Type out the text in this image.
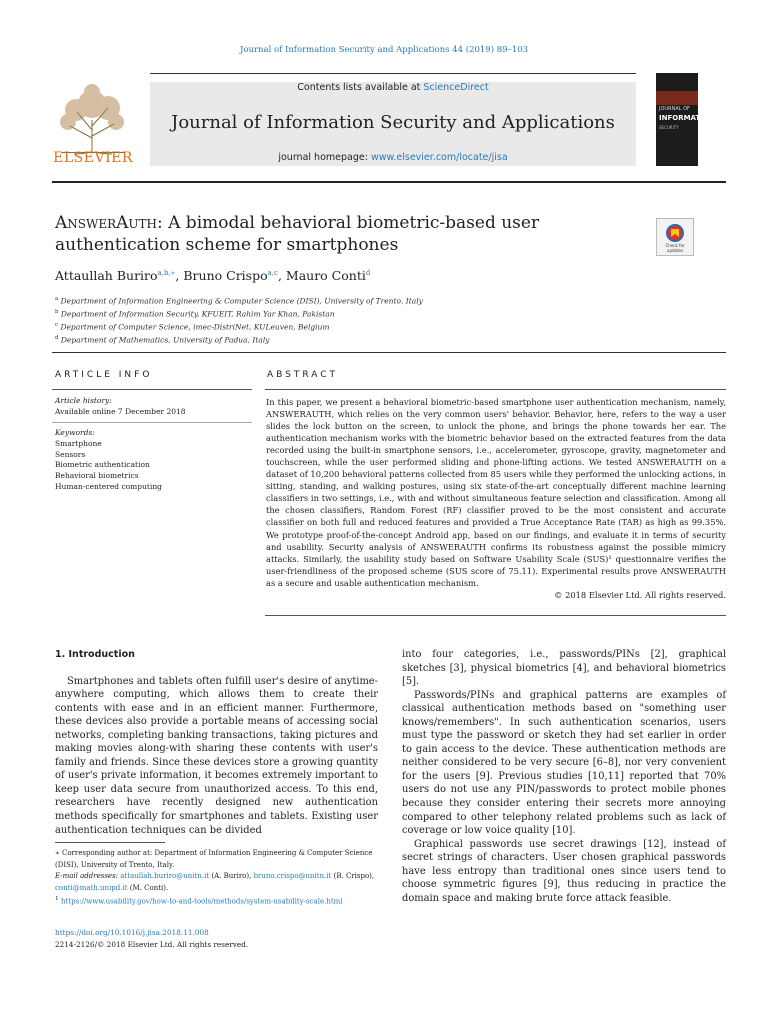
Journal of Information Security and Applications 44 (2019) 89–103
ELSEVIER
Contents lists available at ScienceDirect
Journal of Information Security and Applications
journal homepage: www.elsevier.com/locate/jisa
JOURNAL OF
INFORMATION
SECURITY
AnswerAuth: A bimodal behavioral biometric-based user
authentication scheme for smartphones	Check for updates
Attaullah Buriro$^{a,b,∗}$, Bruno Crispo$^{a,c}$, Mauro Conti$^d$
$^a$ Department of Information Engineering & Computer Science (DISI), University of Trento, Italy
$^b$ Department of Information Security, KFUEIT, Rahim Yar Khan, Pakistan
$^c$ Department of Computer Science, imec-DistriNet, KULeuven, Belgium
$^d$ Department of Mathematics, University of Padua, Italy
ARTICLE INFO	ABSTRACT
Article history:
Available online 7 December 2018
Keywords:
Smartphone
Sensors
Biometric authentication
Behavioral biometrics
Human-centered computing
In this paper, we present a behavioral biometric-based smartphone user authentication mechanism, namely, ANSWERAUTH, which relies on the very common users' behavior. Behavior, here, refers to the way a user slides the lock button on the screen, to unlock the phone, and brings the phone towards her ear. The authentication mechanism works with the biometric behavior based on the extracted features from the data recorded using the built-in smartphone sensors, i.e., accelerometer, gyroscope, gravity, magnetometer and touchscreen, while the user performed sliding and phone-lifting actions. We tested ANSWERAUTH on a dataset of 10,200 behavioral patterns collected from 85 users while they performed the unlocking actions, in sitting, standing, and walking postures, using six state-of-the-art conceptually different machine learning classifiers in two settings, i.e., with and without simultaneous feature selection and classification. Among all the chosen classifiers, Random Forest (RF) classifier proved to be the most consistent and accurate classifier on both full and reduced features and provided a True Acceptance Rate (TAR) as high as 99.35%. We prototype proof-of-the-concept Android app, based on our findings, and evaluate it in terms of security and usability. Security analysis of ANSWERAUTH confirms its robustness against the possible mimicry attacks. Similarly, the usability study based on Software Usability Scale (SUS)¹ questionnaire verifies the user-friendliness of the proposed scheme (SUS score of 75.11). Experimental results prove ANSWERAUTH as a secure and usable authentication mechanism.
© 2018 Elsevier Ltd. All rights reserved.
1. Introduction

Smartphones and tablets often fulfill user's desire of anytime-anywhere computing, which allows them to create their contents with ease and in an efficient manner. Furthermore, these devices also provide a portable means of accessing social networks, completing banking transactions, taking pictures and making movies along-with sharing these contents with user's family and friends. Since these devices store a growing quantity of user's private information, it becomes extremely important to keep user data secure from unauthorized access. To this end, researchers have recently designed new authentication methods specifically for smartphones and tablets. Existing user authentication techniques can be divided

∗ Corresponding author at: Department of Information Engineering & Computer Science (DISI), University of Trento, Italy.
E-mail addresses: attaullah.buriro@unitn.it (A. Buriro), bruno.crispo@unitn.it (B. Crispo), conti@math.unipd.it (M. Conti).
$^1$ https://www.usability.gov/how-to-and-tools/methods/system-usability-scale.html
https://doi.org/10.1016/j.jisa.2018.11.008
2214-2126/© 2018 Elsevier Ltd. All rights reserved.

into four categories, i.e., passwords/PINs [2], graphical sketches [3], physical biometrics [4], and behavioral biometrics [5].

Passwords/PINs and graphical patterns are examples of classical authentication methods based on "something user knows/remembers". In such authentication scenarios, users must type the password or sketch they had set earlier in order to gain access to the device. These authentication methods are neither considered to be very secure [6–8], nor very convenient for the users [9]. Previous studies [10,11] reported that 70% users do not use any PIN/passwords to protect mobile phones because they consider entering their secrets more annoying compared to other telephony related problems such as lack of coverage or low voice quality [10].

Graphical passwords use secret drawings [12], instead of secret strings of characters. User chosen graphical passwords have less entropy than traditional ones since users tend to choose symmetric figures [9], thus reducing in practice the domain space and making brute force attack feasible.
